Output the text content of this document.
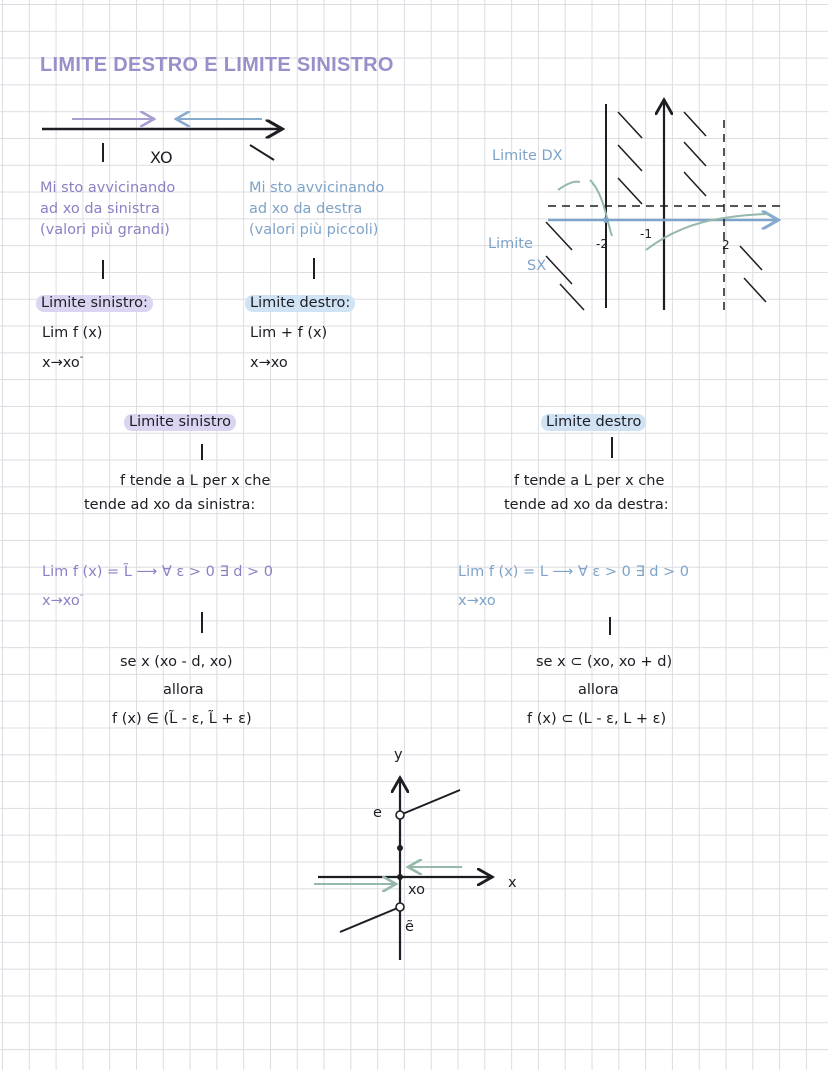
LIMITE DESTRO E LIMITE SINISTRO
XO
Mi sto avvicinando
ad xo da sinistra
(valori più grandi)
Mi sto avvicinando
ad xo da destra
(valori più piccoli)
Limite sinistro:
Lim f (x)
x→xo-
Limite destro:
Lim + f (x)
x→xo
Limite DX
Limite
SX
-2
-1
2
Limite sinistro
f tende a L per x che
tende ad xo da sinistra:
Lim f (x) = L̃ ⟶ ∀ ε > 0 ∃ d > 0
x→xo-
se x (xo - d, xo)
allora
f (x) ∈ (L̃ - ε, L̃ + ε)
Limite destro
f tende a L per x che
tende ad xo da destra:
Lim f (x) = L ⟶ ∀ ε > 0 ∃ d > 0
x→xo
se x ⊂ (xo, xo + d)
allora
f (x) ⊂ (L - ε, L + ε)
y
x
e
xo
ẽ
